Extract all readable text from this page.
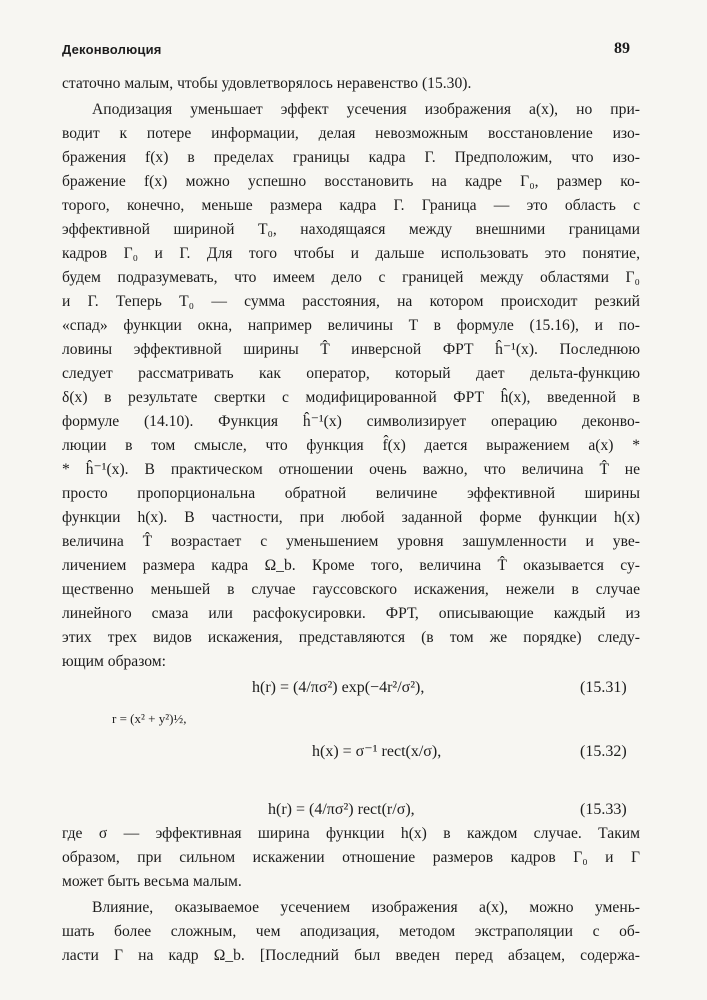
Деконволюция	89
статочно малым, чтобы удовлетворялось неравенство (15.30).
Аподизация уменьшает эффект усечения изображения a(x), но при-
водит к потере информации, делая невозможным восстановление изо-
бражения f(x) в пределах границы кадра Γ. Предположим, что изо-
бражение f(x) можно успешно восстановить на кадре Γ₀, размер ко-
торого, конечно, меньше размера кадра Γ. Граница — это область с
эффективной шириной T₀, находящаяся между внешними границами
кадров Γ₀ и Γ. Для того чтобы и дальше использовать это понятие,
будем подразумевать, что имеем дело с границей между областями Γ₀
и Γ. Теперь T₀ — сумма расстояния, на котором происходит резкий
«спад» функции окна, например величины T в формуле (15.16), и по-
ловины эффективной ширины T̂ инверсной ФРТ ĥ⁻¹(x). Последнюю
следует рассматривать как оператор, который дает дельта-функцию
δ(x) в результате свертки с модифицированной ФРТ ĥ(x), введенной в
формуле (14.10). Функция ĥ⁻¹(x) символизирует операцию деконво-
люции в том смысле, что функция f̂(x) дается выражением a(x) *
* ĥ⁻¹(x). В практическом отношении очень важно, что величина T̂ не
просто пропорциональна обратной величине эффективной ширины
функции h(x). В частности, при любой заданной форме функции h(x)
величина T̂ возрастает с уменьшением уровня зашумленности и уве-
личением размера кадра Ω_b. Кроме того, величина T̂ оказывается су-
щественно меньшей в случае гауссовского искажения, нежели в случае
линейного смаза или расфокусировки. ФРТ, описывающие каждый из
этих трех видов искажения, представляются (в том же порядке) следу-
ющим образом:
h(r) = (4/πσ²) exp(−4r²/σ²),	(15.31)
r = (x² + y²)½,
h(x) = σ⁻¹ rect(x/σ),	(15.32)
h(r) = (4/πσ²) rect(r/σ),	(15.33)
где σ — эффективная ширина функции h(x) в каждом случае. Таким
образом, при сильном искажении отношение размеров кадров Γ₀ и Γ
может быть весьма малым.
Влияние, оказываемое усечением изображения a(x), можно умень-
шать более сложным, чем аподизация, методом экстраполяции с об-
ласти Γ на кадр Ω_b. [Последний был введен перед абзацем, содержа-
